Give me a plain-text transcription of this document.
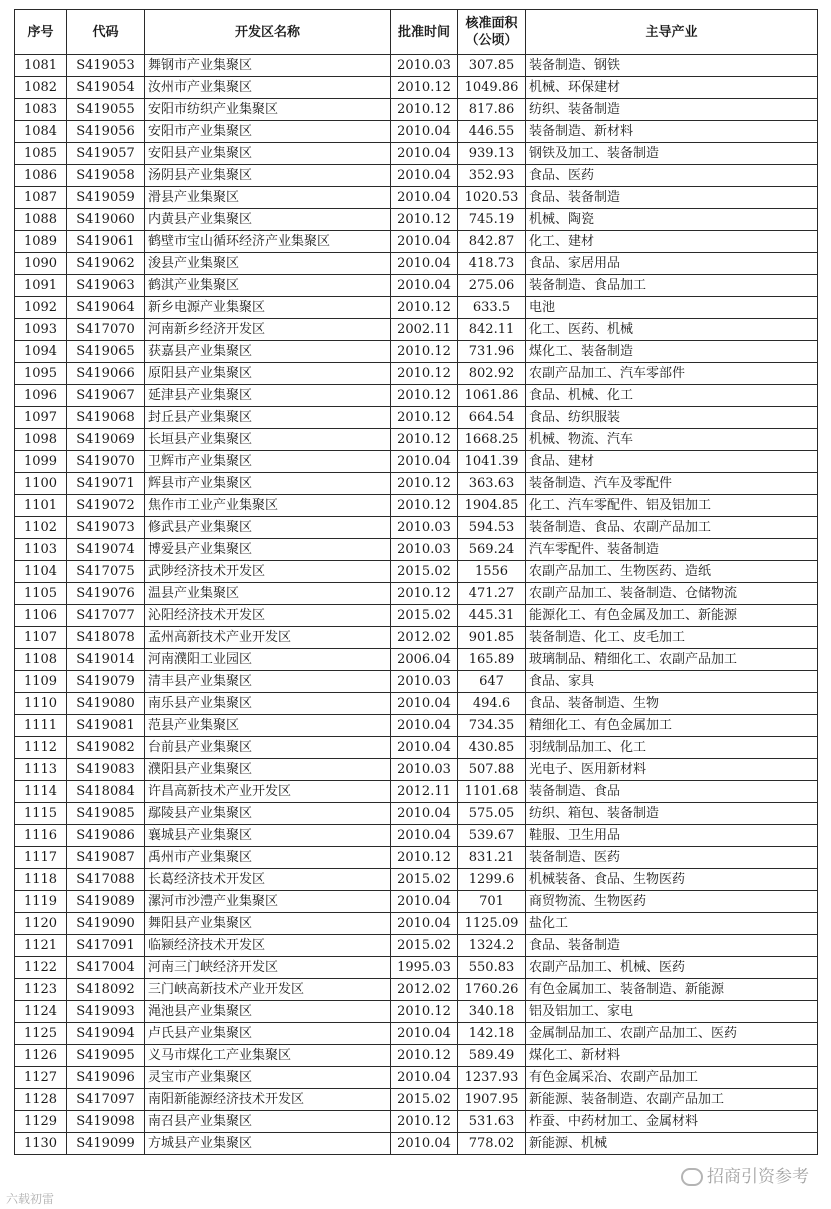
序号	代码	开发区名称	批准时间	核准面积（公顷）	主导产业
1081	S419053	舞钢市产业集聚区	2010.03	307.85	装备制造、钢铁
1082	S419054	汝州市产业集聚区	2010.12	1049.86	机械、环保建材
1083	S419055	安阳市纺织产业集聚区	2010.12	817.86	纺织、装备制造
1084	S419056	安阳市产业集聚区	2010.04	446.55	装备制造、新材料
1085	S419057	安阳县产业集聚区	2010.04	939.13	钢铁及加工、装备制造
1086	S419058	汤阴县产业集聚区	2010.04	352.93	食品、医药
1087	S419059	滑县产业集聚区	2010.04	1020.53	食品、装备制造
1088	S419060	内黄县产业集聚区	2010.12	745.19	机械、陶瓷
1089	S419061	鹤壁市宝山循环经济产业集聚区	2010.04	842.87	化工、建材
1090	S419062	浚县产业集聚区	2010.04	418.73	食品、家居用品
1091	S419063	鹤淇产业集聚区	2010.04	275.06	装备制造、食品加工
1092	S419064	新乡电源产业集聚区	2010.12	633.5	电池
1093	S417070	河南新乡经济开发区	2002.11	842.11	化工、医药、机械
1094	S419065	获嘉县产业集聚区	2010.12	731.96	煤化工、装备制造
1095	S419066	原阳县产业集聚区	2010.12	802.92	农副产品加工、汽车零部件
1096	S419067	延津县产业集聚区	2010.12	1061.86	食品、机械、化工
1097	S419068	封丘县产业集聚区	2010.12	664.54	食品、纺织服装
1098	S419069	长垣县产业集聚区	2010.12	1668.25	机械、物流、汽车
1099	S419070	卫辉市产业集聚区	2010.04	1041.39	食品、建材
1100	S419071	辉县市产业集聚区	2010.12	363.63	装备制造、汽车及零配件
1101	S419072	焦作市工业产业集聚区	2010.12	1904.85	化工、汽车零配件、铝及铝加工
1102	S419073	修武县产业集聚区	2010.03	594.53	装备制造、食品、农副产品加工
1103	S419074	博爱县产业集聚区	2010.03	569.24	汽车零配件、装备制造
1104	S417075	武陟经济技术开发区	2015.02	1556	农副产品加工、生物医药、造纸
1105	S419076	温县产业集聚区	2010.12	471.27	农副产品加工、装备制造、仓储物流
1106	S417077	沁阳经济技术开发区	2015.02	445.31	能源化工、有色金属及加工、新能源
1107	S418078	孟州高新技术产业开发区	2012.02	901.85	装备制造、化工、皮毛加工
1108	S419014	河南濮阳工业园区	2006.04	165.89	玻璃制品、精细化工、农副产品加工
1109	S419079	清丰县产业集聚区	2010.03	647	食品、家具
1110	S419080	南乐县产业集聚区	2010.04	494.6	食品、装备制造、生物
1111	S419081	范县产业集聚区	2010.04	734.35	精细化工、有色金属加工
1112	S419082	台前县产业集聚区	2010.04	430.85	羽绒制品加工、化工
1113	S419083	濮阳县产业集聚区	2010.03	507.88	光电子、医用新材料
1114	S418084	许昌高新技术产业开发区	2012.11	1101.68	装备制造、食品
1115	S419085	鄢陵县产业集聚区	2010.04	575.05	纺织、箱包、装备制造
1116	S419086	襄城县产业集聚区	2010.04	539.67	鞋服、卫生用品
1117	S419087	禹州市产业集聚区	2010.12	831.21	装备制造、医药
1118	S417088	长葛经济技术开发区	2015.02	1299.6	机械装备、食品、生物医药
1119	S419089	漯河市沙澧产业集聚区	2010.04	701	商贸物流、生物医药
1120	S419090	舞阳县产业集聚区	2010.04	1125.09	盐化工
1121	S417091	临颍经济技术开发区	2015.02	1324.2	食品、装备制造
1122	S417004	河南三门峡经济开发区	1995.03	550.83	农副产品加工、机械、医药
1123	S418092	三门峡高新技术产业开发区	2012.02	1760.26	有色金属加工、装备制造、新能源
1124	S419093	渑池县产业集聚区	2010.12	340.18	铝及铝加工、家电
1125	S419094	卢氏县产业集聚区	2010.04	142.18	金属制品加工、农副产品加工、医药
1126	S419095	义马市煤化工产业集聚区	2010.12	589.49	煤化工、新材料
1127	S419096	灵宝市产业集聚区	2010.04	1237.93	有色金属采冶、农副产品加工
1128	S417097	南阳新能源经济技术开发区	2015.02	1907.95	新能源、装备制造、农副产品加工
1129	S419098	南召县产业集聚区	2010.12	531.63	柞蚕、中药材加工、金属材料
1130	S419099	方城县产业集聚区	2010.04	778.02	新能源、机械
招商引资参考
六载初雷
